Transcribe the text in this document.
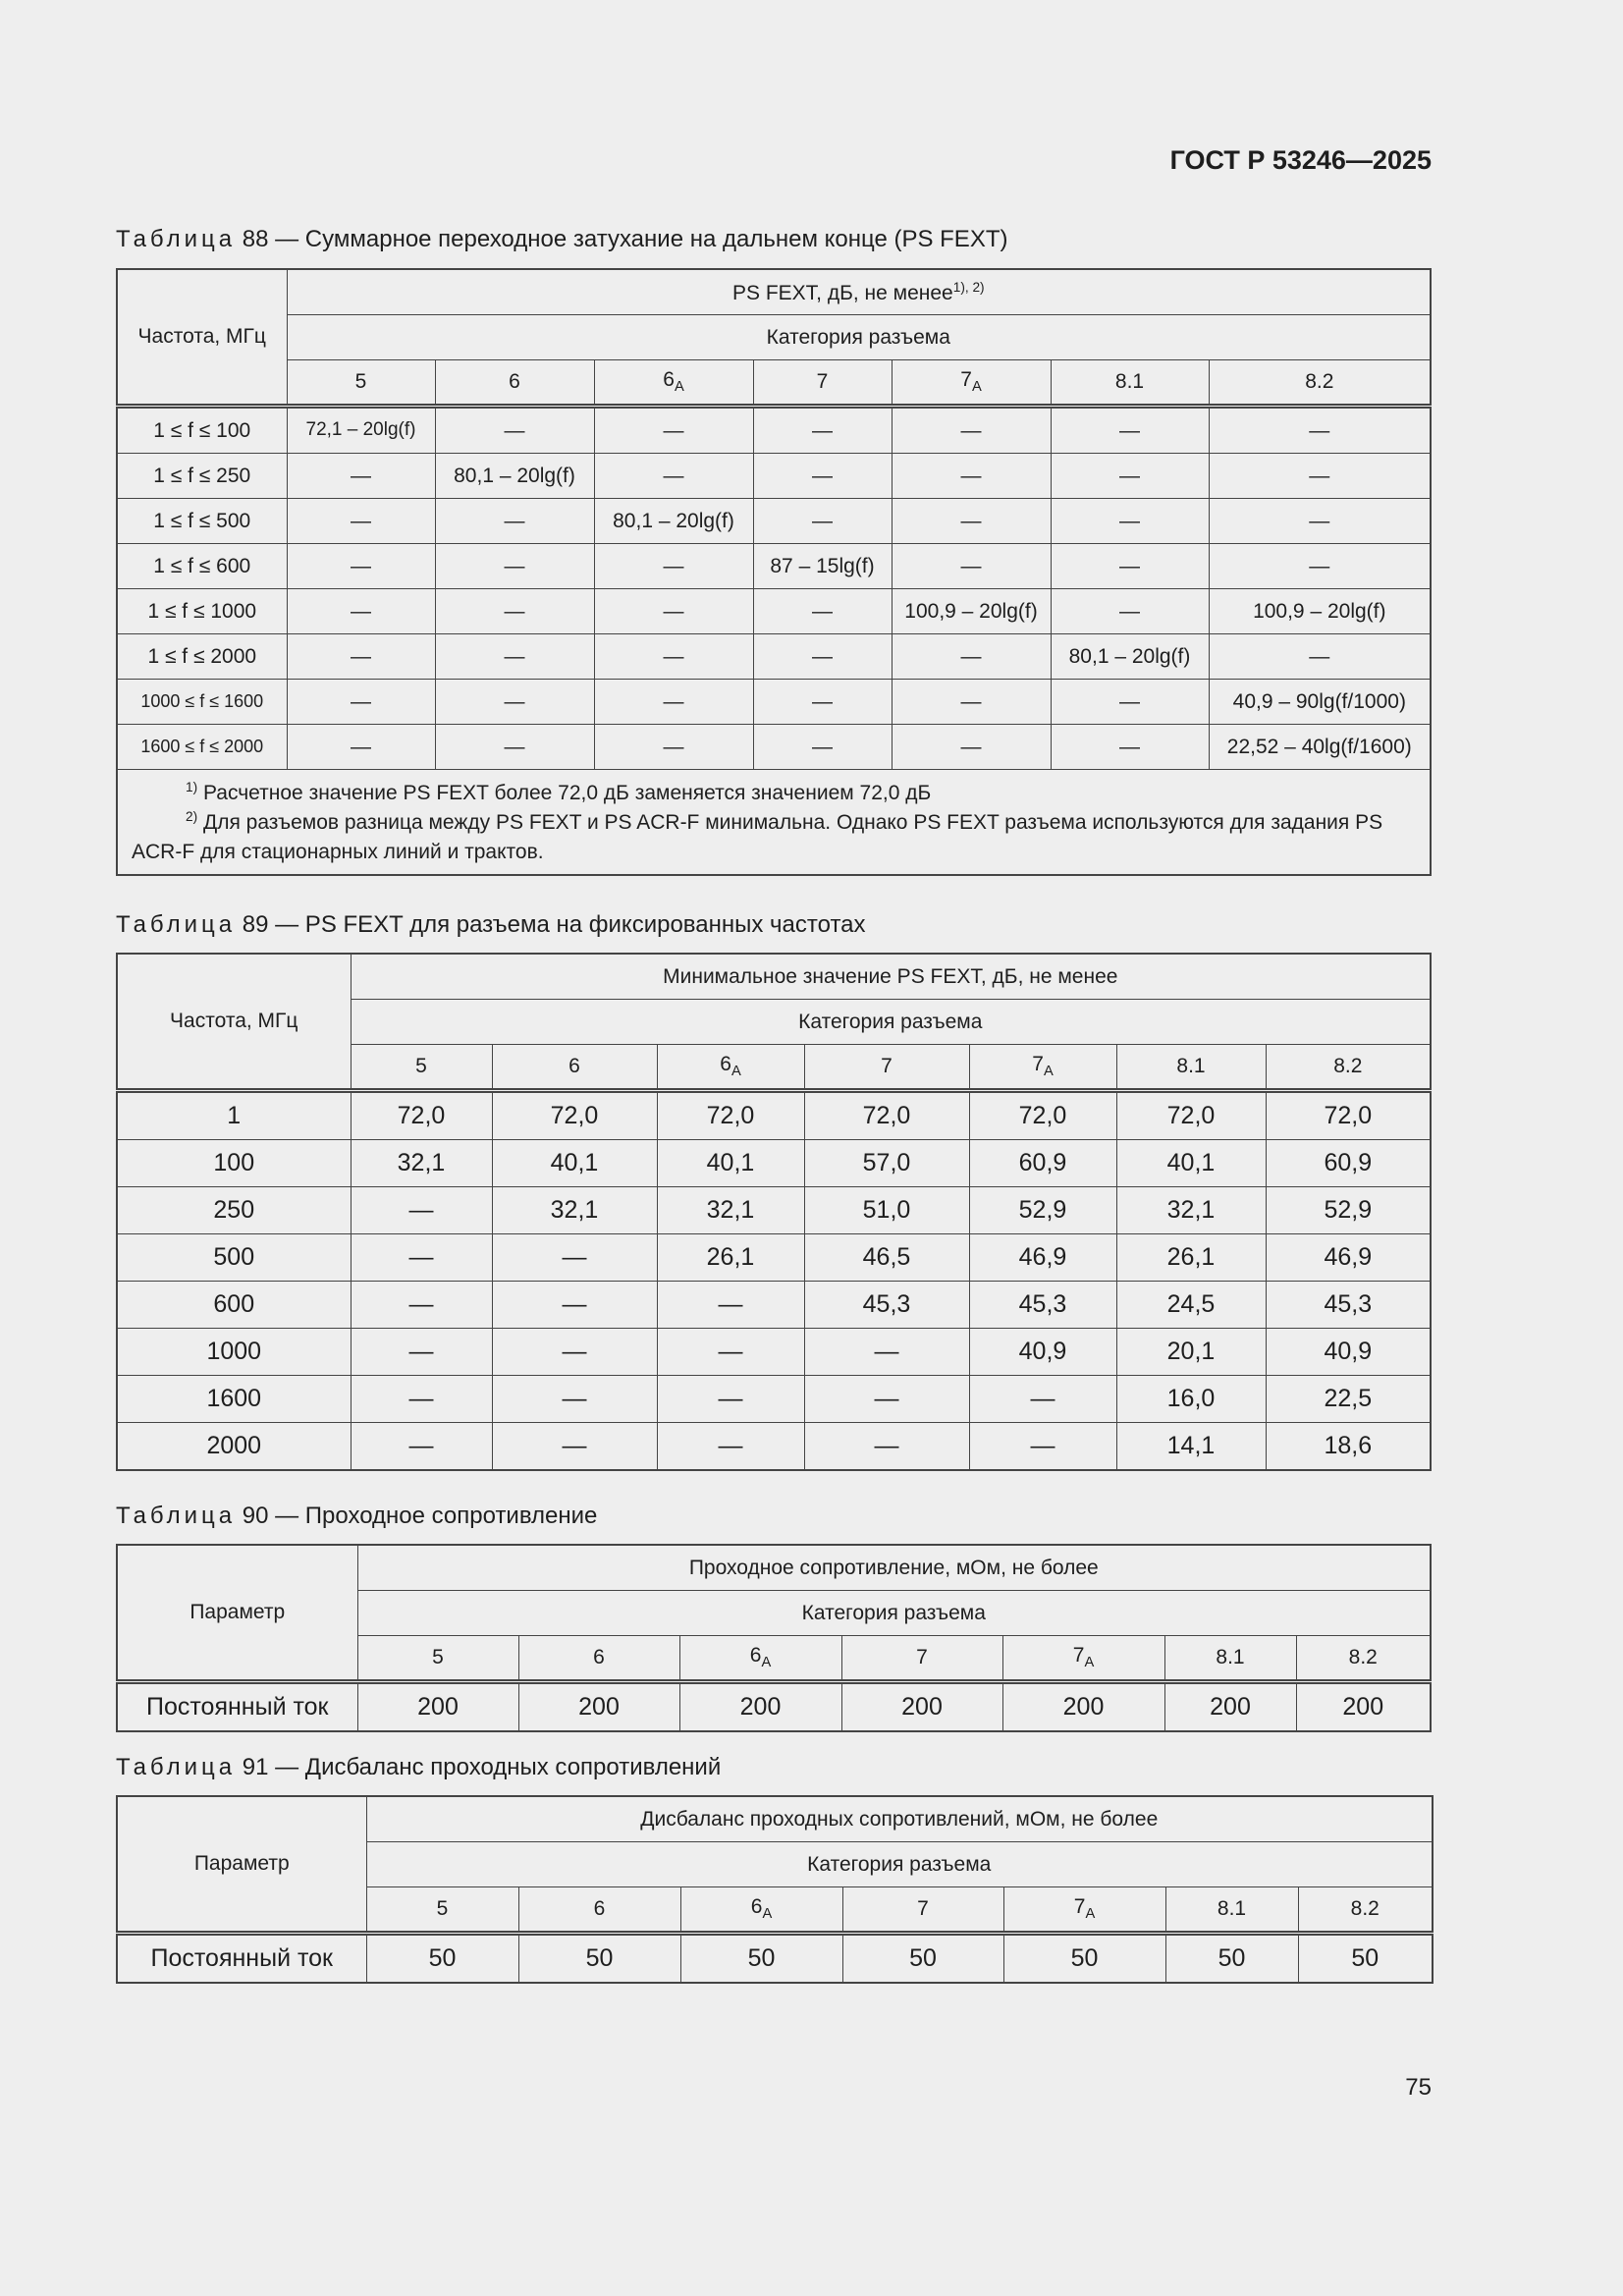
ГОСТ Р 53246—2025
Таблица 88 — Суммарное переходное затухание на дальнем конце (PS FEXT)
Частота, МГц	PS FEXT, дБ, не менее$^{1), 2)}$
	Категория разъема						
	5	6	$6_A$	7	$7_A$	8.1	8.2
1 ≤ f ≤ 100	72,1 – 20lg(f)	—	—	—	—	—	—
1 ≤ f ≤ 250	—	80,1 – 20lg(f)	—	—	—	—	—
1 ≤ f ≤ 500	—	—	80,1 – 20lg(f)	—	—	—	—
1 ≤ f ≤ 600	—	—	—	87 – 15lg(f)	—	—	—
1 ≤ f ≤ 1000	—	—	—	—	100,9 – 20lg(f)	—	100,9 – 20lg(f)
1 ≤ f ≤ 2000	—	—	—	—	—	80,1 – 20lg(f)	—
1000 ≤ f ≤ 1600	—	—	—	—	—	—	40,9 – 90lg(f/1000)
1600 ≤ f ≤ 2000	—	—	—	—	—	—	22,52 – 40lg(f/1600)

$^{1)}$ Расчетное значение PS FEXT более 72,0 дБ заменяется значением 72,0 дБ
$^{2)}$ Для разъемов разница между PS FEXT и PS ACR-F минимальна. Однако PS FEXT разъема используются для задания PS ACR-F для стационарных линий и трактов.							
Таблица 89 — PS FEXT для разъема на фиксированных частотах
Частота, МГц	Минимальное значение PS FEXT, дБ, не менее						
	Категория разъема						
	5	6	$6_A$	7	$7_A$	8.1	8.2
1	72,0	72,0	72,0	72,0	72,0	72,0	72,0
100	32,1	40,1	40,1	57,0	60,9	40,1	60,9
250	—	32,1	32,1	51,0	52,9	32,1	52,9
500	—	—	26,1	46,5	46,9	26,1	46,9
600	—	—	—	45,3	45,3	24,5	45,3
1000	—	—	—	—	40,9	20,1	40,9
1600	—	—	—	—	—	16,0	22,5
2000	—	—	—	—	—	14,1	18,6
Таблица 90 — Проходное сопротивление
Параметр	Проходное сопротивление, мОм, не более						
	Категория разъема						
	5	6	$6_A$	7	$7_A$	8.1	8.2
Постоянный ток	200	200	200	200	200	200	200
Таблица 91 — Дисбаланс проходных сопротивлений
Параметр	Дисбаланс проходных сопротивлений, мОм, не более						
	Категория разъема						
	5	6	$6_A$	7	$7_A$	8.1	8.2
Постоянный ток	50	50	50	50	50	50	50
75
